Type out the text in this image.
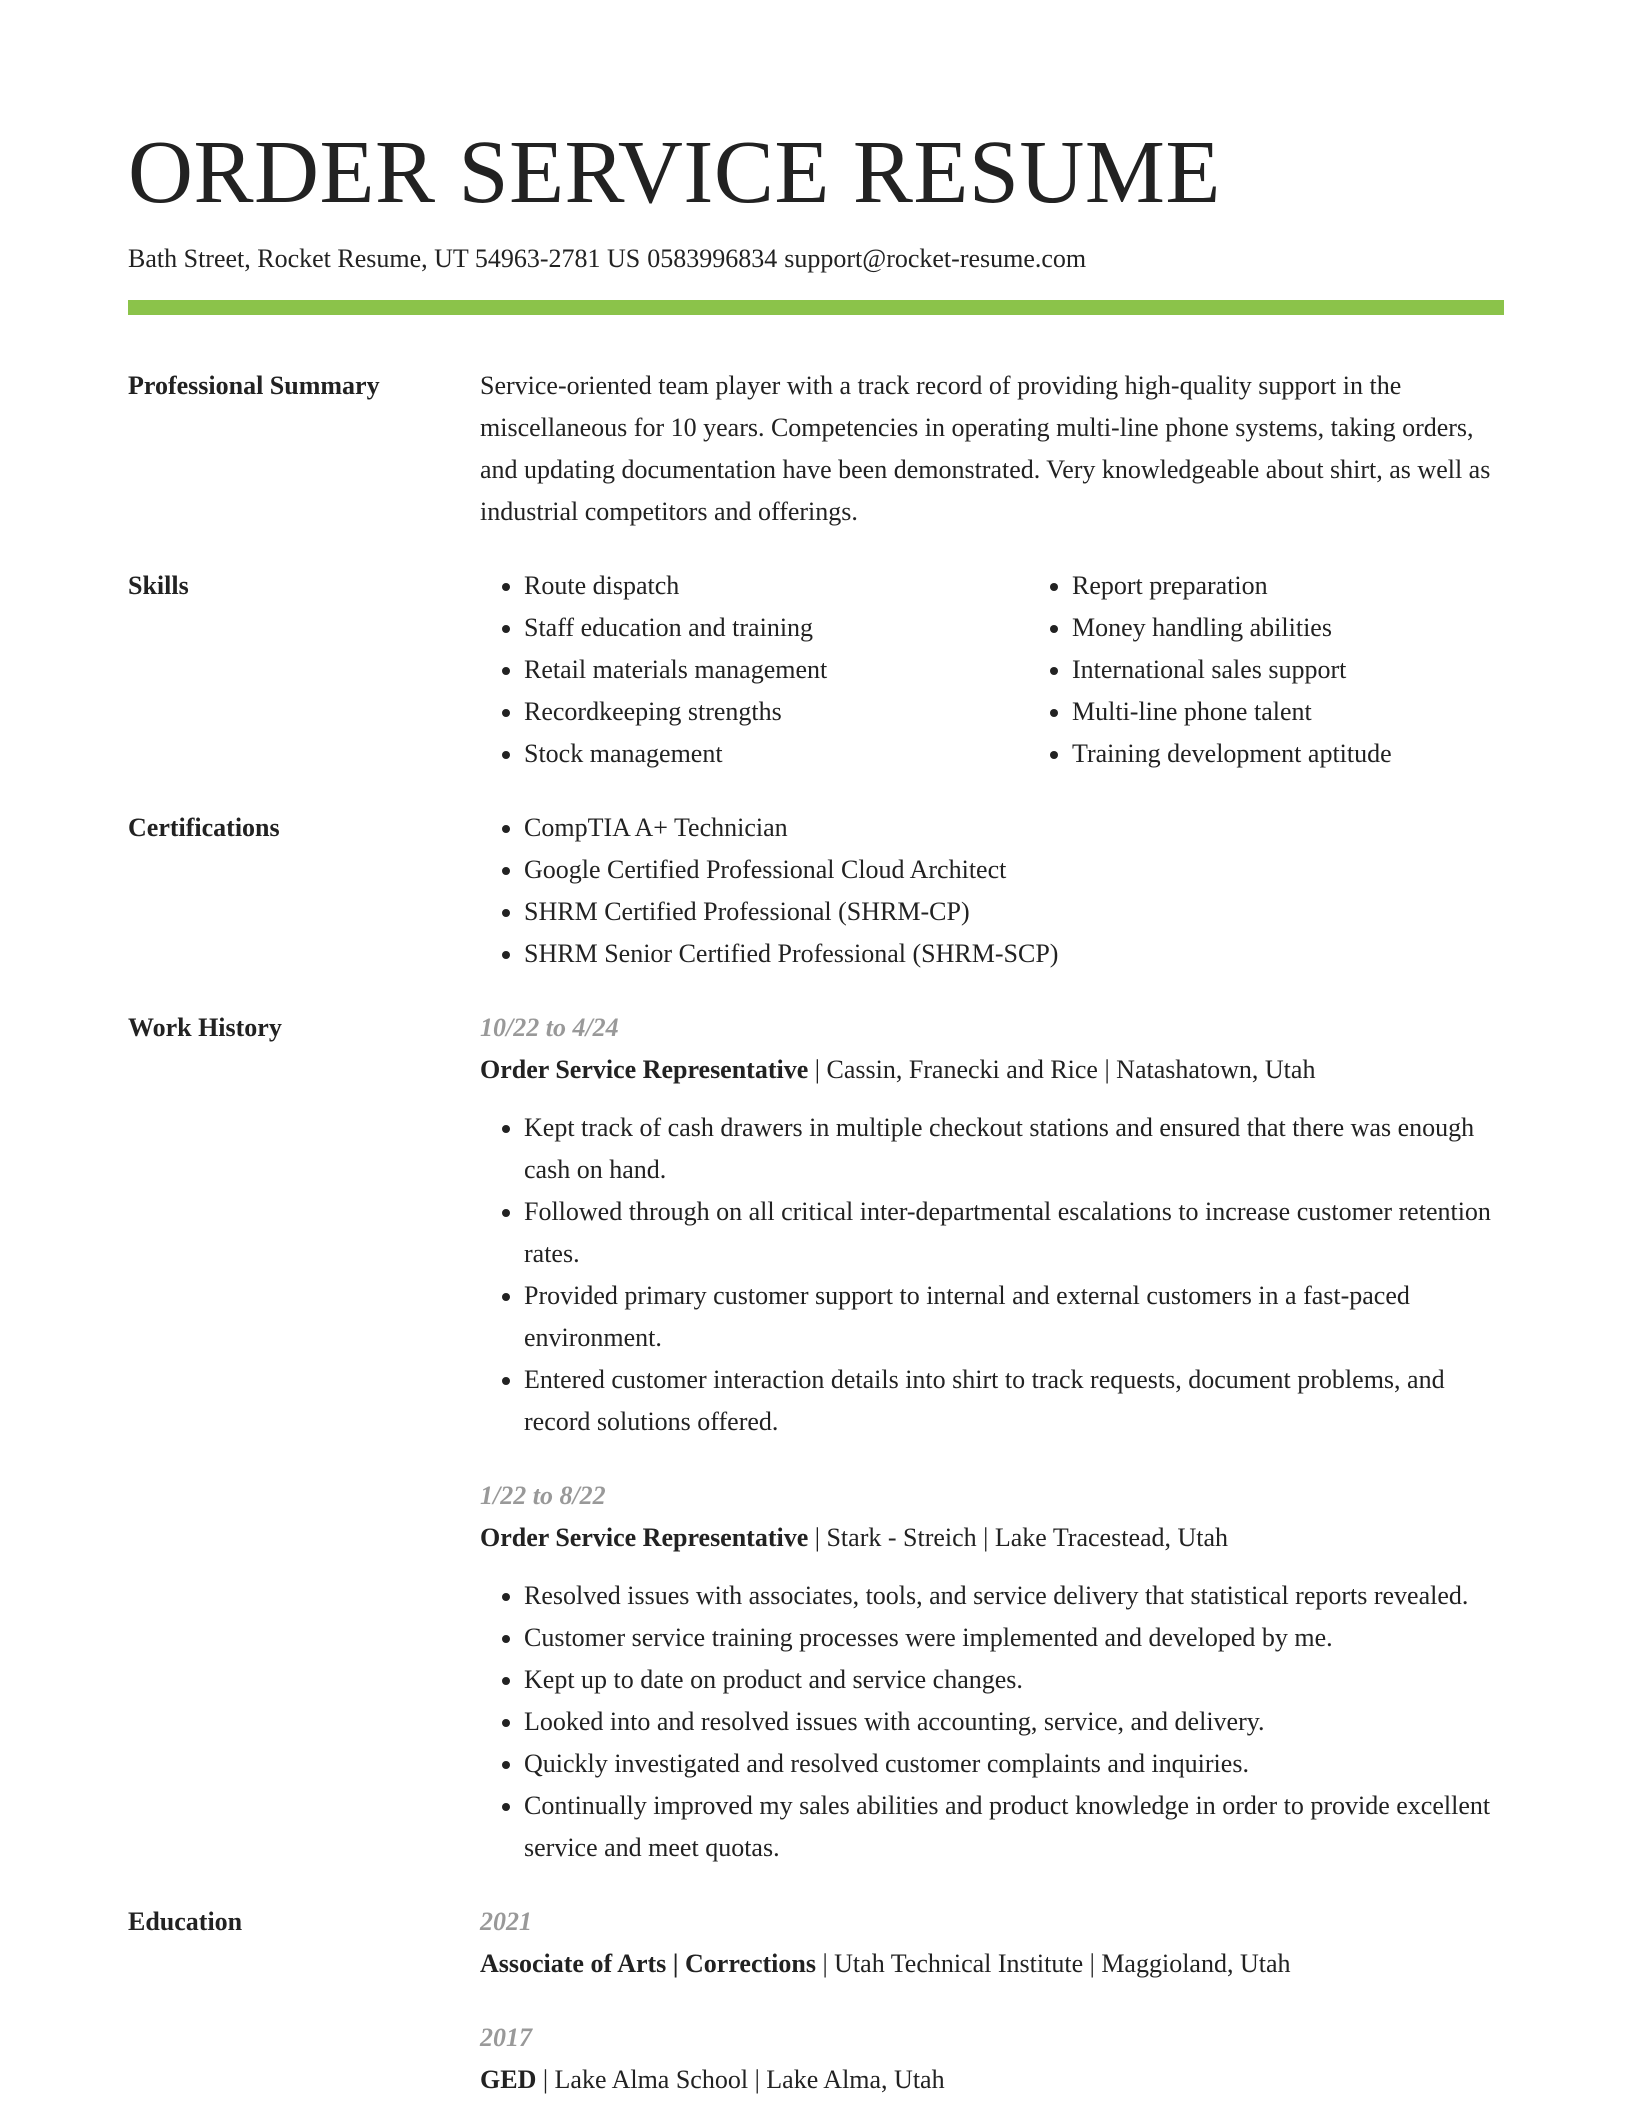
ORDER SERVICE RESUME
Bath Street, Rocket Resume, UT 54963-2781 US 0583996834 support@rocket-resume.com
Professional Summary	Service-oriented team player with a track record of providing high-quality support in the miscellaneous for 10 years. Competencies in operating multi-line phone systems, taking orders, and updating documentation have been demonstrated. Very knowledgeable about shirt, as well as industrial competitors and offerings.
Skills	• Route dispatch
• Staff education and training
• Retail materials management
• Recordkeeping strengths
• Stock management
• Report preparation
• Money handling abilities
• International sales support
• Multi-line phone talent
• Training development aptitude
Certifications	• CompTIA A+ Technician
• Google Certified Professional Cloud Architect
• SHRM Certified Professional (SHRM-CP)
• SHRM Senior Certified Professional (SHRM-SCP)
Work History	10/22 to 4/24
Order Service Representative | Cassin, Franecki and Rice | Natashatown, Utah
• Kept track of cash drawers in multiple checkout stations and ensured that there was enough cash on hand.
• Followed through on all critical inter-departmental escalations to increase customer retention rates.
• Provided primary customer support to internal and external customers in a fast-paced environment.
• Entered customer interaction details into shirt to track requests, document problems, and record solutions offered.
1/22 to 8/22
Order Service Representative | Stark - Streich | Lake Tracestead, Utah
• Resolved issues with associates, tools, and service delivery that statistical reports revealed.
• Customer service training processes were implemented and developed by me.
• Kept up to date on product and service changes.
• Looked into and resolved issues with accounting, service, and delivery.
• Quickly investigated and resolved customer complaints and inquiries.
• Continually improved my sales abilities and product knowledge in order to provide excellent service and meet quotas.
Education	2021
Associate of Arts | Corrections | Utah Technical Institute | Maggioland, Utah
2017
GED | Lake Alma School | Lake Alma, Utah
